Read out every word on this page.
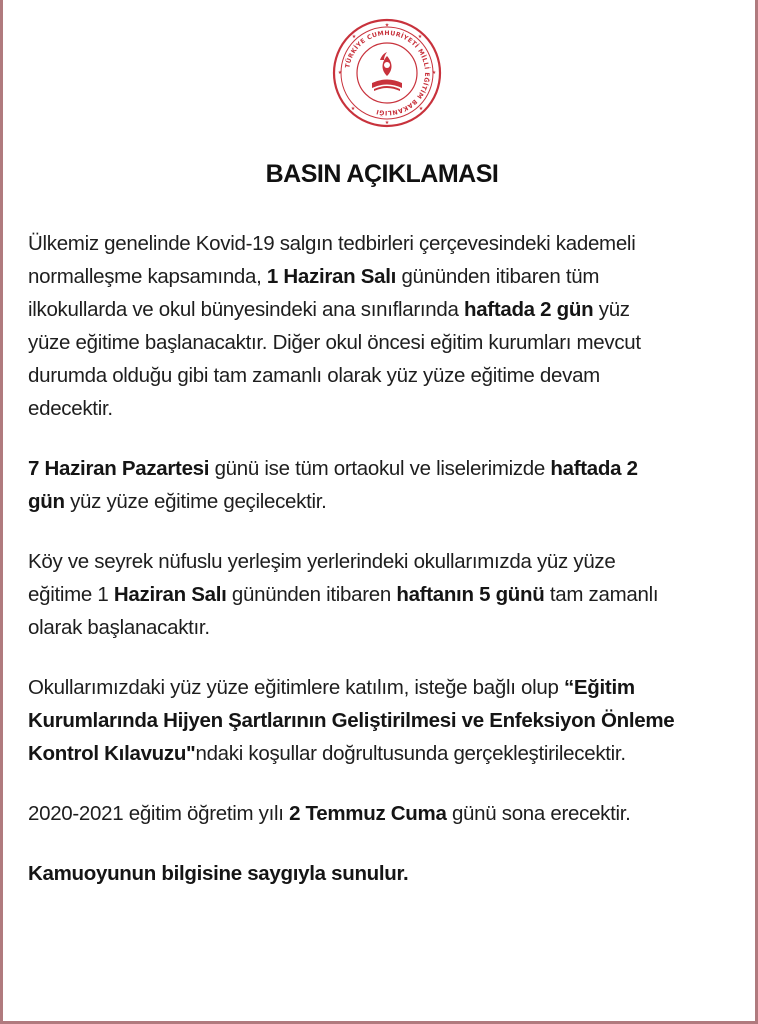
TÜRKİYE CUMHURİYETİ MİLLİ EĞİTİM BAKANLIĞI
★
★
★
★
★
★
★
★
BASIN AÇIKLAMASI

Ülkemiz genelinde Kovid-19 salgın tedbirleri çerçevesindeki kademeli
normalleşme kapsamında, 1 Haziran Salı gününden itibaren tüm
ilkokullarda ve okul bünyesindeki ana sınıflarında haftada 2 gün yüz
yüze eğitime başlanacaktır. Diğer okul öncesi eğitim kurumları mevcut
durumda olduğu gibi tam zamanlı olarak yüz yüze eğitime devam
edecektir.

7 Haziran Pazartesi günü ise tüm ortaokul ve liselerimizde haftada 2
gün yüz yüze eğitime geçilecektir.

Köy ve seyrek nüfuslu yerleşim yerlerindeki okullarımızda yüz yüze
eğitime 1 Haziran Salı gününden itibaren haftanın 5 günü tam zamanlı
olarak başlanacaktır.

Okullarımızdaki yüz yüze eğitimlere katılım, isteğe bağlı olup “Eğitim
Kurumlarında Hijyen Şartlarının Geliştirilmesi ve Enfeksiyon Önleme
Kontrol Kılavuzu"ndaki koşullar doğrultusunda gerçekleştirilecektir.

2020-2021 eğitim öğretim yılı 2 Temmuz Cuma günü sona erecektir.

Kamuoyunun bilgisine saygıyla sunulur.
